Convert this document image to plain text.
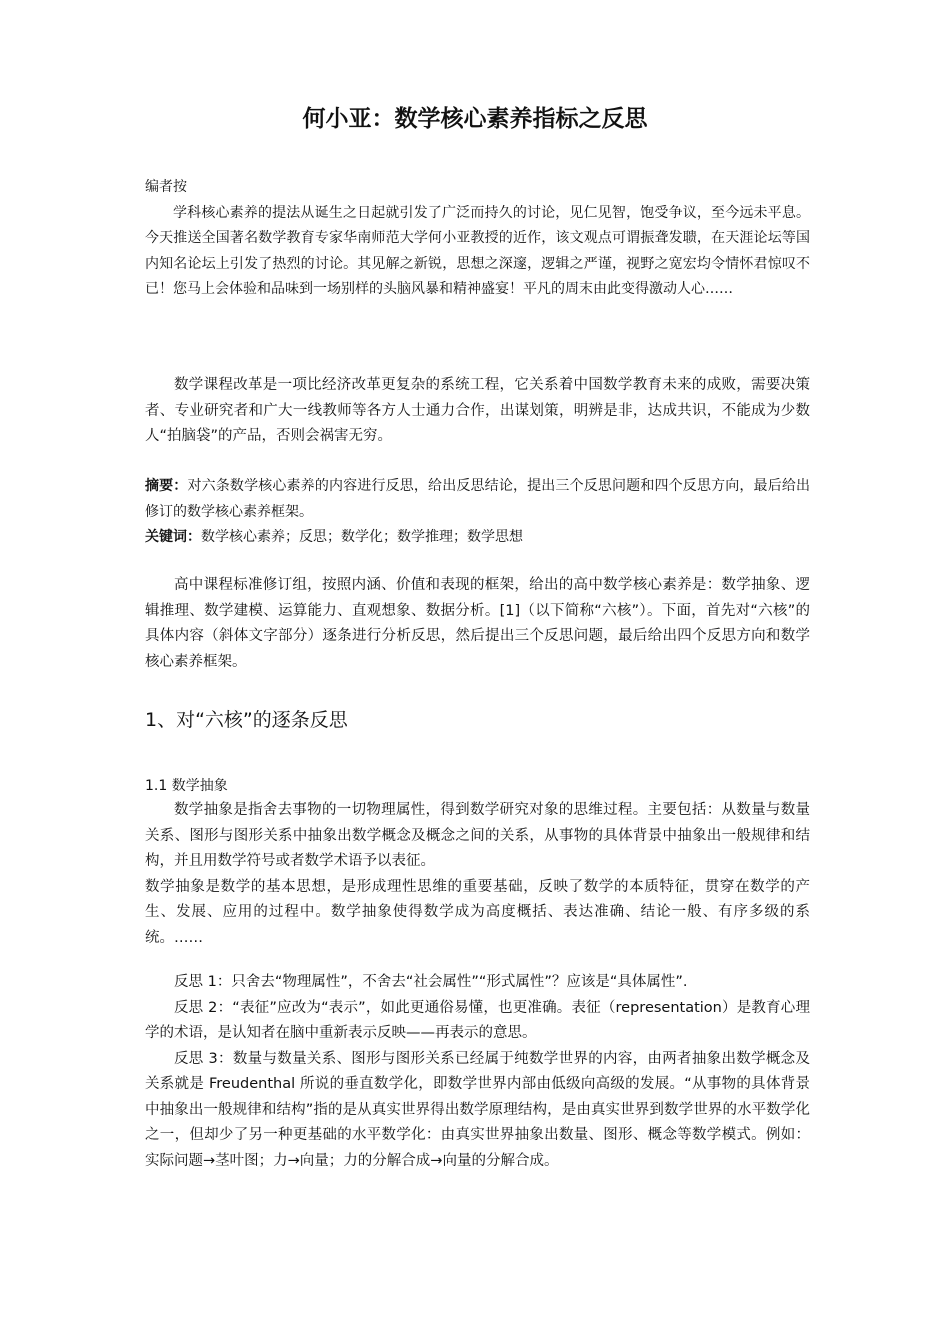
何小亚：数学核心素养指标之反思

编者按

学科核心素养的提法从诞生之日起就引发了广泛而持久的讨论，见仁见智，饱受争议，至今远未平息。今天推送全国著名数学教育专家华南师范大学何小亚教授的近作，该文观点可谓振聋发聩，在天涯论坛等国内知名论坛上引发了热烈的讨论。其见解之新锐，思想之深邃，逻辑之严谨，视野之宽宏均令情怀君惊叹不已！您马上会体验和品味到一场别样的头脑风暴和精神盛宴！平凡的周末由此变得激动人心……

数学课程改革是一项比经济改革更复杂的系统工程，它关系着中国数学教育未来的成败，需要决策者、专业研究者和广大一线教师等各方人士通力合作，出谋划策，明辨是非，达成共识，不能成为少数人“拍脑袋”的产品，否则会祸害无穷。

摘要：对六条数学核心素养的内容进行反思，给出反思结论，提出三个反思问题和四个反思方向，最后给出修订的数学核心素养框架。

关键词：数学核心素养；反思；数学化；数学推理；数学思想

高中课程标准修订组，按照内涵、价值和表现的框架，给出的高中数学核心素养是：数学抽象、逻辑推理、数学建模、运算能力、直观想象、数据分析。[1]（以下简称“六核”）。下面，首先对“六核”的具体内容（斜体文字部分）逐条进行分析反思，然后提出三个反思问题，最后给出四个反思方向和数学核心素养框架。

1、对“六核”的逐条反思
1.1 数学抽象

数学抽象是指舍去事物的一切物理属性，得到数学研究对象的思维过程。主要包括：从数量与数量关系、图形与图形关系中抽象出数学概念及概念之间的关系，从事物的具体背景中抽象出一般规律和结构，并且用数学符号或者数学术语予以表征。

数学抽象是数学的基本思想，是形成理性思维的重要基础，反映了数学的本质特征，贯穿在数学的产生、发展、应用的过程中。数学抽象使得数学成为高度概括、表达准确、结论一般、有序多级的系统。……

反思 1：只舍去“物理属性”，不舍去“社会属性”“形式属性”？应该是“具体属性”.

反思 2：“表征”应改为“表示”，如此更通俗易懂，也更准确。表征（representation）是教育心理学的术语，是认知者在脑中重新表示反映——再表示的意思。

反思 3：数量与数量关系、图形与图形关系已经属于纯数学世界的内容，由两者抽象出数学概念及关系就是 Freudenthal 所说的垂直数学化，即数学世界内部由低级向高级的发展。“从事物的具体背景中抽象出一般规律和结构”指的是从真实世界得出数学原理结构，是由真实世界到数学世界的水平数学化之一，但却少了另一种更基础的水平数学化：由真实世界抽象出数量、图形、概念等数学模式。例如：实际问题→茎叶图；力→向量；力的分解合成→向量的分解合成。
